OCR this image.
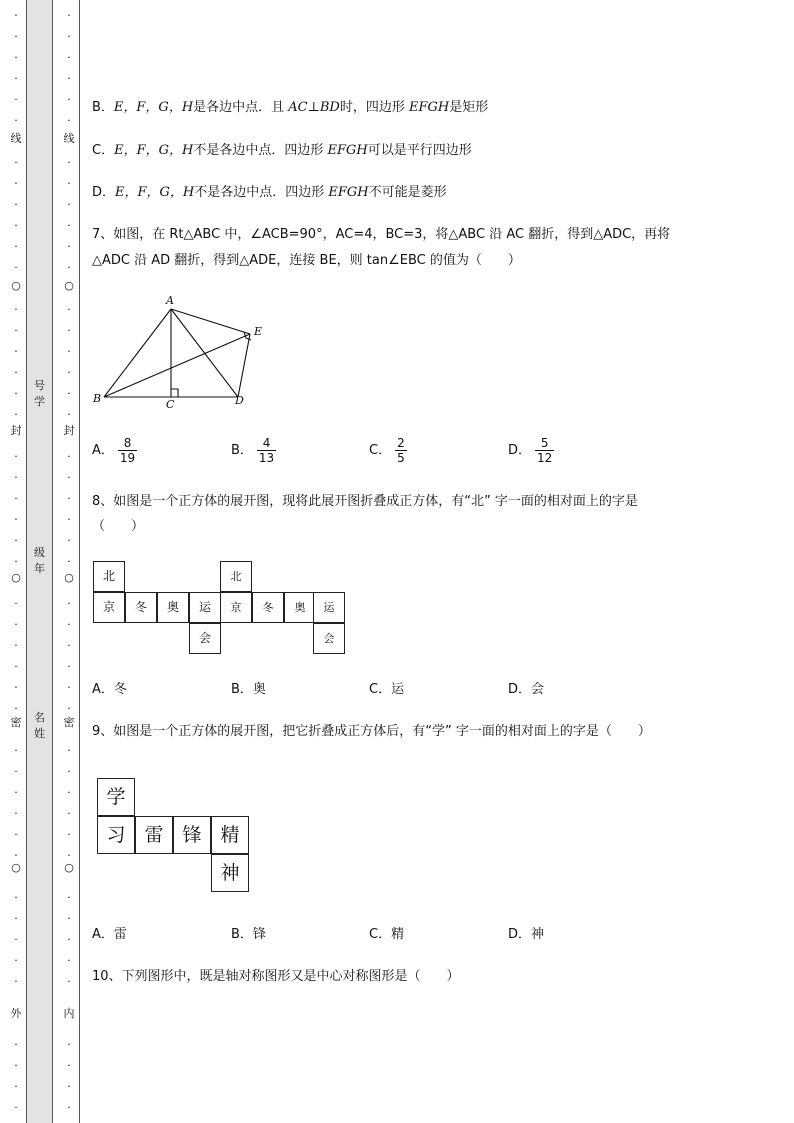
·
·
·
·
·
·
·
·
·
·
·
·
·
·
·
·
·
·
·
·
·
·
·
·
·
·
·
·
·
·
·
·
·
·
·
·
·
·
·
·
·
·
·
·
·
线
○
封
○
密
○
外
·
·
·
·
·
·
·
·
·
·
·
·
·
·
·
·
·
·
·
·
·
·
·
·
·
·
·
·
·
·
·
·
·
·
·
·
·
·
·
·
·
·
·
·
·
线
○
封
○
密
○
内
号
学
级
年
名
姓
B．E，F，G，H是各边中点．且 AC⊥BD时，四边形 EFGH是矩形
C．E，F，G，H不是各边中点．四边形 EFGH可以是平行四边形
D．E，F，G，H不是各边中点．四边形 EFGH不可能是菱形
7、如图，在 Rt△ABC 中，∠ACB=90°，AC=4，BC=3，将△ABC 沿 AC 翻折，得到△ADC，再将
△ADC 沿 AD 翻折，得到△ADE，连接 BE，则 tan∠EBC 的值为（　　）
A
B	C	D
E
A． $\frac{8}{19}$	B． $\frac{4}{13}$	C． $\frac{2}{5}$	D． $\frac{5}{12}$
8、如图是一个正方体的展开图，现将此展开图折叠成正方体，有“北” 字一面的相对面上的字是
（　　）
北
京	冬	奥	运
会
北
京	冬	奥	运
会
A．冬	B．奥	C．运	D．会
9、如图是一个正方体的展开图，把它折叠成正方体后，有“学” 字一面的相对面上的字是（　　）
学
习 雷 锋 精
神
A．雷	B．锋	C．精	D．神
10、下列图形中，既是轴对称图形又是中心对称图形是（　　）
